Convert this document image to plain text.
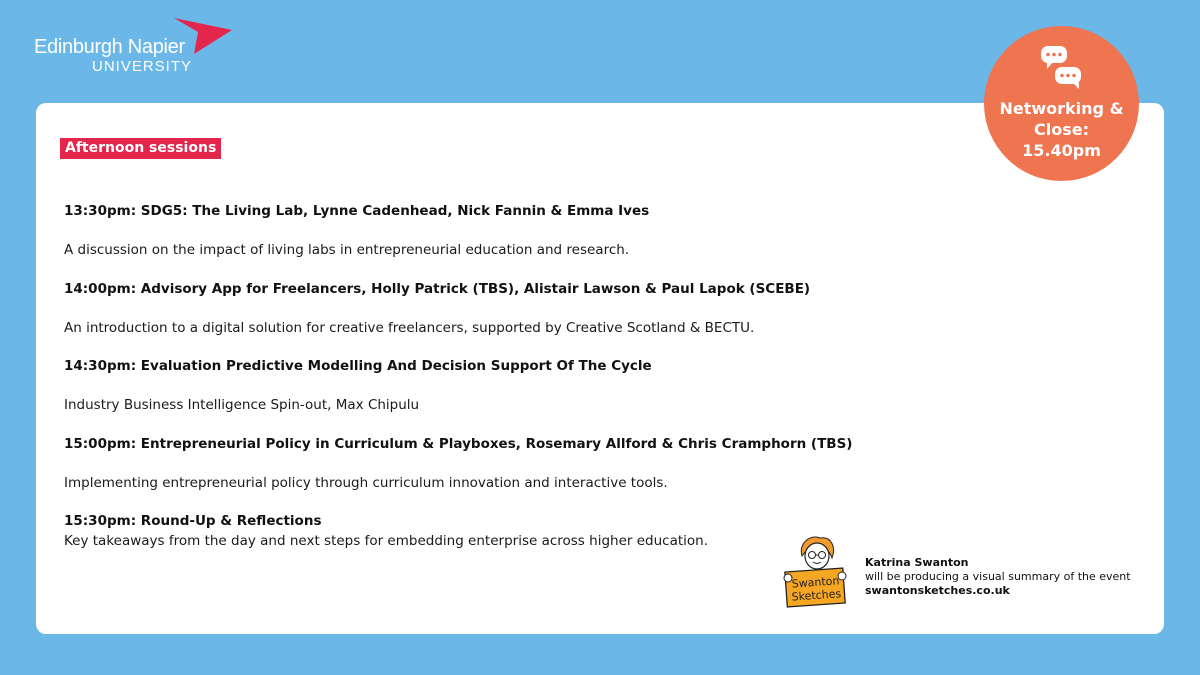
Edinburgh Napier
UNIVERSITY
Afternoon sessions
13:30pm: SDG5: The Living Lab, Lynne Cadenhead, Nick Fannin & Emma Ives
A discussion on the impact of living labs in entrepreneurial education and research.
14:00pm: Advisory App for Freelancers, Holly Patrick (TBS), Alistair Lawson & Paul Lapok (SCEBE)
An introduction to a digital solution for creative freelancers, supported by Creative Scotland & BECTU.
14:30pm: Evaluation Predictive Modelling And Decision Support Of The Cycle
Industry Business Intelligence Spin-out, Max Chipulu
15:00pm: Entrepreneurial Policy in Curriculum & Playboxes, Rosemary Allford & Chris Cramphorn (TBS)
Implementing entrepreneurial policy through curriculum innovation and interactive tools.
15:30pm: Round-Up & Reflections
Key takeaways from the day and next steps for embedding enterprise across higher education.
Networking &
Close:
15.40pm
Swanton
Sketches
Katrina Swanton
will be producing a visual summary of the event
swantonsketches.co.uk
